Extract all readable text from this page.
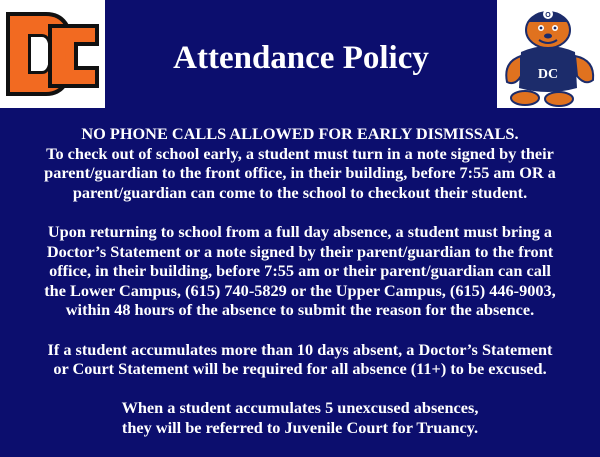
DC
O
Attendance Policy

NO PHONE CALLS ALLOWED FOR EARLY DISMISSALS.
To check out of school early, a student must turn in a note signed by their
parent/guardian to the front office, in their building, before 7:55 am OR a
parent/guardian can come to the school to checkout their student.

Upon returning to school from a full day absence, a student must bring a
Doctor’s Statement or a note signed by their parent/guardian to the front
office, in their building, before 7:55 am or their parent/guardian can call
the Lower Campus, (615) 740-5829 or the Upper Campus, (615) 446-9003,
within 48 hours of the absence to submit the reason for the absence.

If a student accumulates more than 10 days absent, a Doctor’s Statement
or Court Statement will be required for all absence (11+) to be excused.

When a student accumulates 5 unexcused absences,
they will be referred to Juvenile Court for Truancy.
